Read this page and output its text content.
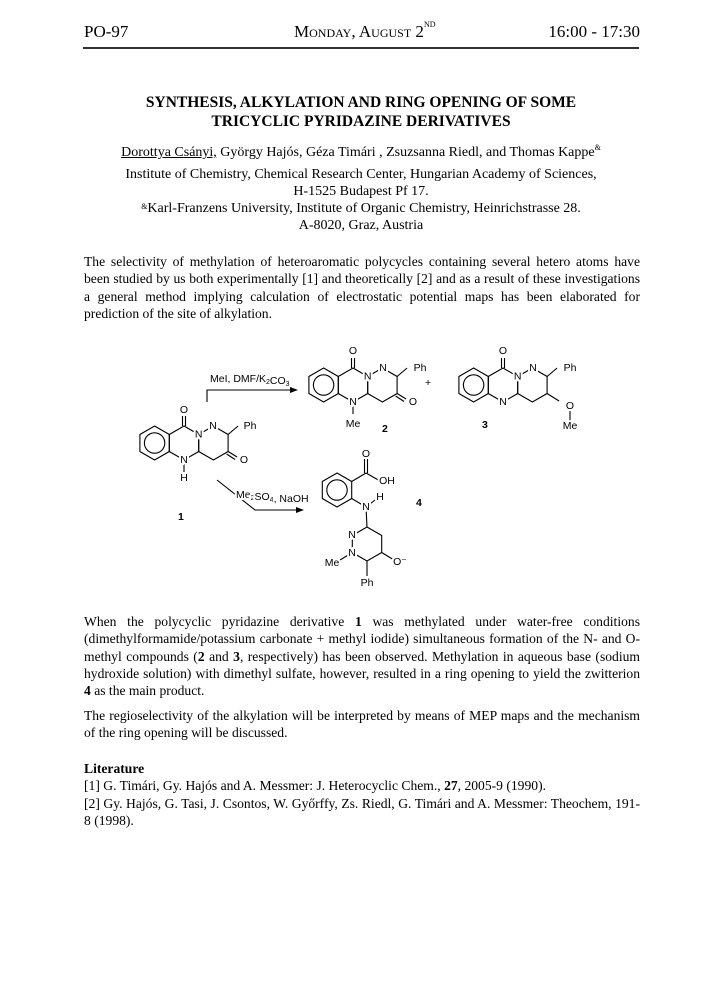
PO-97	Monday, August 2ND	16:00 - 17:30
SYNTHESIS, ALKYLATION AND RING OPENING OF SOME
TRICYCLIC PYRIDAZINE DERIVATIVES
Dorottya Csányi, György Hajós, Géza Timári , Zsuzsanna Riedl, and Thomas Kappe&
Institute of Chemistry, Chemical Research Center, Hungarian Academy of Sciences,
H-1525 Budapest Pf 17.
&Karl-Franzens University, Institute of Organic Chemistry, Heinrichstrasse 28.
A-8020, Graz, Austria
The selectivity of methylation of heteroaromatic polycycles containing several hetero atoms have been studied by us both experimentally [1] and theoretically [2] and as a result of these investigations a general method implying calculation of electrostatic potential maps has been elaborated for prediction of the site of alkylation.
MeI, DMF/K2CO3
Me2SO4, NaOH
+
1
2	3
4
O
N
N
N
H
Ph
O
O
N
N
N
Me
Ph
O
O
N
N
N
Ph
O
Me
O
OH
N
H
N
N
Me	O⁻
Ph
When the polycyclic pyridazine derivative 1 was methylated under water-free conditions (dimethylformamide/potassium carbonate + methyl iodide) simultaneous formation of the N- and O-methyl compounds (2 and 3, respectively) has been observed. Methylation in aqueous base (sodium hydroxide solution) with dimethyl sulfate, however, resulted in a ring opening to yield the zwitterion 4 as the main product.
The regioselectivity of the alkylation will be interpreted by means of MEP maps and the mechanism of the ring opening will be discussed.
Literature
[1] G. Timári, Gy. Hajós and A. Messmer: J. Heterocyclic Chem., 27, 2005-9 (1990).
[2] Gy. Hajós, G. Tasi, J. Csontos, W. Győrffy, Zs. Riedl, G. Timári and A. Messmer: Theochem, 191-8 (1998).
